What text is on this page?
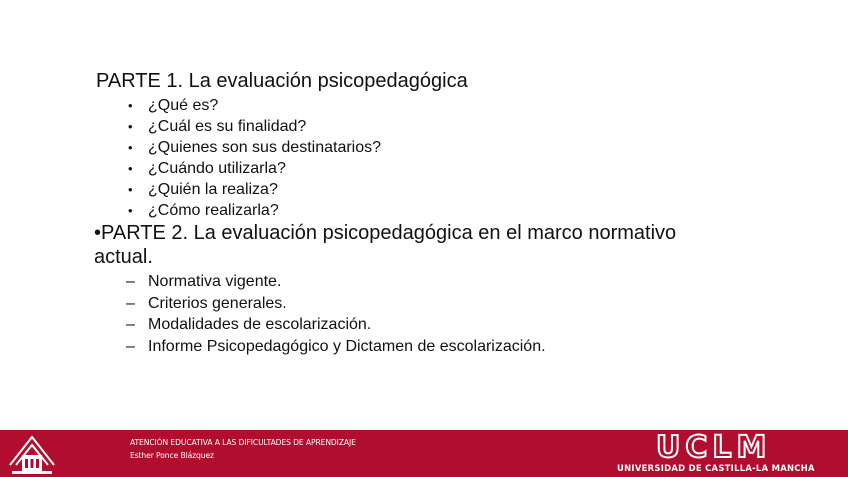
PARTE 1. La evaluación psicopedagógica

• ¿Qué es?
• ¿Cuál es su finalidad?
• ¿Quienes son sus destinatarios?
• ¿Cuándo utilizarla?
• ¿Quién la realiza?
• ¿Cómo realizarla?

•PARTE 2. La evaluación psicopedagógica en el marco normativo actual.

– Normativa vigente.
– Criterios generales.
– Modalidades de escolarización.
– Informe Psicopedagógico y Dictamen de escolarización.
ATENCIÓN EDUCATIVA A LAS DIFICULTADES DE APRENDIZAJE
Esther Ponce Blázquez	UCLM
UNIVERSIDAD DE CASTILLA-LA MANCHA
